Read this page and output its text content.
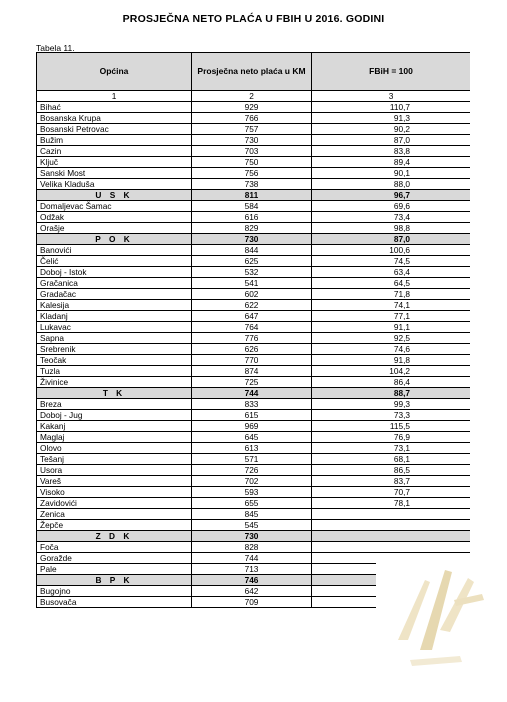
PROSJEČNA NETO PLAĆA U FBIH U 2016. GODINI
Tabela 11.
Općina	Prosječna neto plaća u KM	FBiH = 100
1	2	3
Bihać	929	110,7
Bosanska Krupa	766	91,3
Bosanski Petrovac	757	90,2
Bužim	730	87,0
Cazin	703	83,8
Ključ	750	89,4
Sanski Most	756	90,1
Velika Kladuša	738	88,0
U S K	811	96,7
Domaljevac Šamac	584	69,6
Odžak	616	73,4
Orašje	829	98,8
P O K	730	87,0
Banovići	844	100,6
Čelić	625	74,5
Doboj - Istok	532	63,4
Gračanica	541	64,5
Gradačac	602	71,8
Kalesija	622	74,1
Kladanj	647	77,1
Lukavac	764	91,1
Sapna	776	92,5
Srebrenik	626	74,6
Teočak	770	91,8
Tuzla	874	104,2
Živinice	725	86,4
T K	744	88,7
Breza	833	99,3
Doboj - Jug	615	73,3
Kakanj	969	115,5
Maglaj	645	76,9
Olovo	613	73,1
Tešanj	571	68,1
Usora	726	86,5
Vareš	702	83,7
Visoko	593	70,7
Zavidovići	655	78,1
Zenica	845	
Žepče	545	
Z D K	730	
Foča	828	
Goražde	744	
Pale	713	
B P K	746	
Bugojno	642	
Busovača	709	
